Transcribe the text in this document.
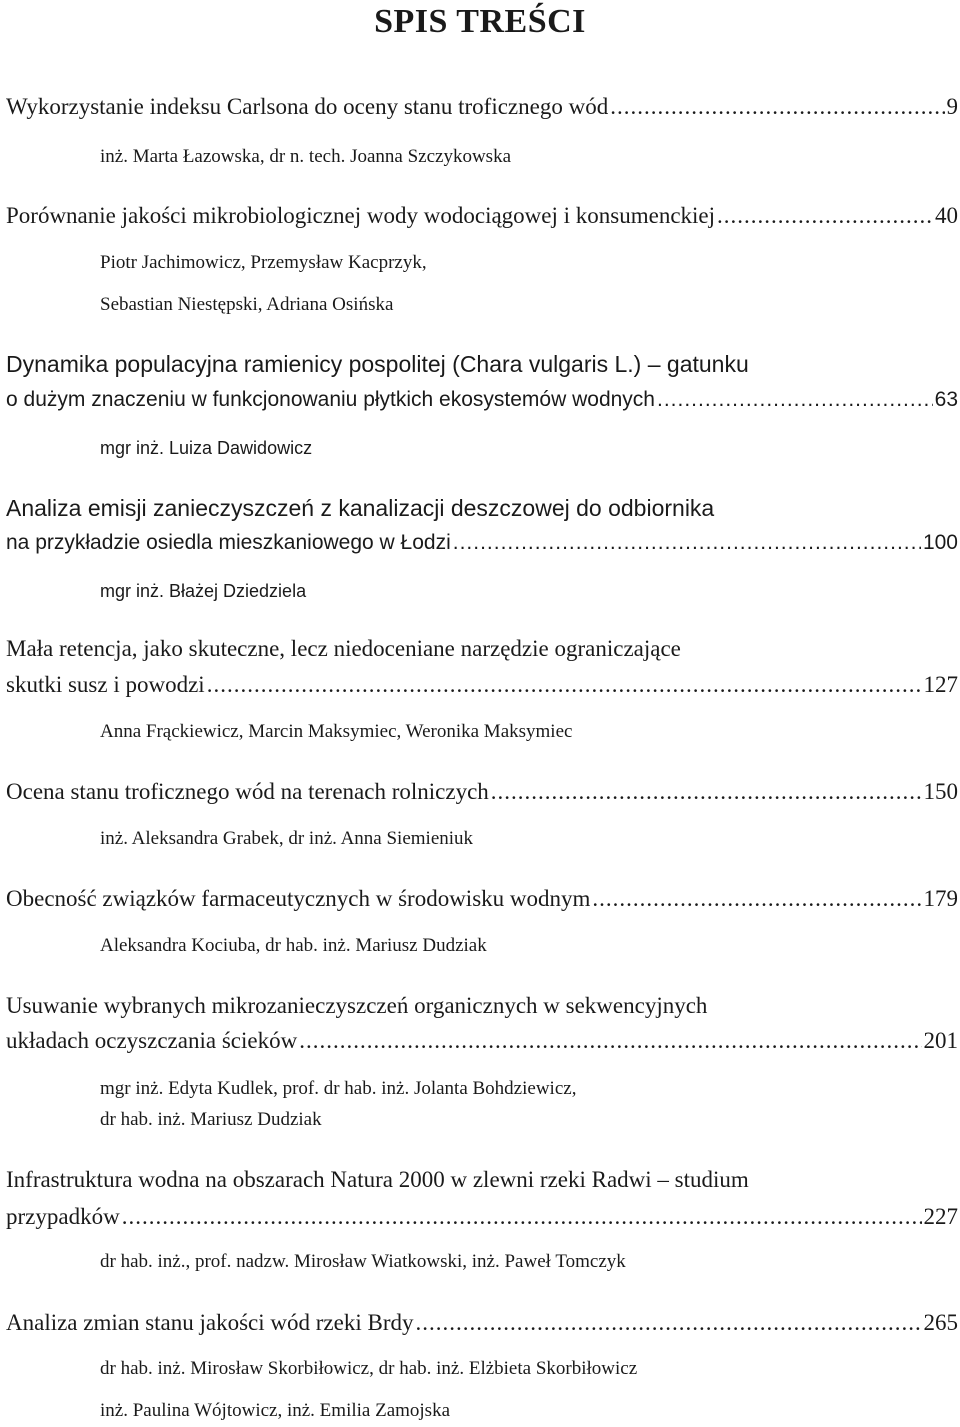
SPIS TREŚCI
Wykorzystanie indeksu Carlsona do oceny stanu troficznego wód .....	9
inż. Marta Łazowska, dr n. tech. Joanna Szczykowska
Porównanie jakości mikrobiologicznej wody wodociągowej i konsumenckiej .....	40
Piotr Jachimowicz, Przemysław Kacprzyk,
Sebastian Niestępski, Adriana Osińska
Dynamika populacyjna ramienicy pospolitej (Chara vulgaris L.) – gatunku
o dużym znaczeniu w funkcjonowaniu płytkich ekosystemów wodnych .....	63
mgr inż. Luiza Dawidowicz
Analiza emisji zanieczyszczeń z kanalizacji deszczowej do odbiornika
na przykładzie osiedla mieszkaniowego w Łodzi .....	100
mgr inż. Błażej Dziedziela
Mała retencja, jako skuteczne, lecz niedoceniane narzędzie ograniczające
skutki susz i powodzi .....	127
Anna Frąckiewicz, Marcin Maksymiec, Weronika Maksymiec
Ocena stanu troficznego wód na terenach rolniczych .....	150
inż. Aleksandra Grabek, dr inż. Anna Siemieniuk
Obecność związków farmaceutycznych w środowisku wodnym .....	179
Aleksandra Kociuba, dr hab. inż. Mariusz Dudziak
Usuwanie wybranych mikrozanieczyszczeń organicznych w sekwencyjnych
układach oczyszczania ścieków .....	201
mgr inż. Edyta Kudlek, prof. dr hab. inż. Jolanta Bohdziewicz,
dr hab. inż. Mariusz Dudziak
Infrastruktura wodna na obszarach Natura 2000 w zlewni rzeki Radwi – studium
przypadków .....	227
dr hab. inż., prof. nadzw. Mirosław Wiatkowski, inż. Paweł Tomczyk
Analiza zmian stanu jakości wód rzeki Brdy .....	265
dr hab. inż. Mirosław Skorbiłowicz, dr hab. inż. Elżbieta Skorbiłowicz
inż. Paulina Wójtowicz, inż. Emilia Zamojska
